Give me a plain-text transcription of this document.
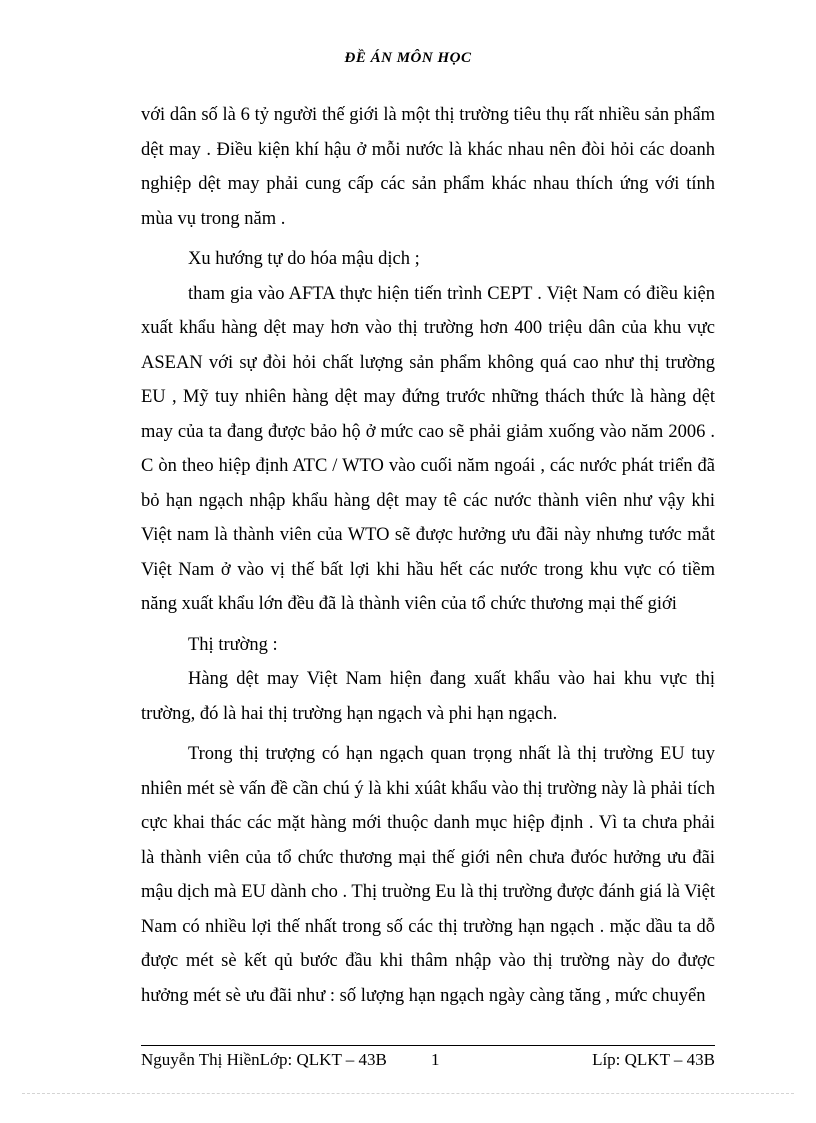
ĐỀ ÁN MÔN HỌC

với dân số là 6 tỷ người thế giới là một thị trường tiêu thụ rất nhiều sản phẩm dệt may . Điều kiện khí hậu ở mỗi nước là khác nhau nên đòi hỏi các doanh nghiệp dệt may phải cung cấp các sản phẩm khác nhau thích ứng với tính mùa vụ trong năm .

Xu hướng tự do hóa mậu dịch ;

tham gia vào AFTA thực hiện tiến trình CEPT . Việt Nam có điều kiện xuất khẩu hàng dệt may hơn vào thị trường hơn 400 triệu dân của khu vực ASEAN với sự đòi hỏi chất lượng sản phẩm không quá cao như thị trường EU , Mỹ tuy nhiên hàng dệt may đứng trước những thách thức là hàng dệt may của ta đang được bảo hộ ở mức cao sẽ phải giảm xuống vào năm 2006 . C òn theo hiệp định ATC / WTO vào cuối năm ngoái , các nước phát triển đã bỏ hạn ngạch nhập khẩu hàng dệt may tê các nước thành viên như vậy khi Việt nam là thành viên của WTO sẽ được hưởng ưu đãi này nhưng tước mắt Việt Nam ở vào vị thế bất lợi khi hầu hết các nước trong khu vực có tiềm năng xuất khẩu lớn đều đã là thành viên của tổ chức thương mại thế giới

Thị trường :

Hàng dệt may Việt Nam hiện đang xuất khẩu vào hai khu vực thị trường, đó là hai thị trường hạn ngạch và phi hạn ngạch.

Trong thị trượng có hạn ngạch quan trọng nhất là thị trường EU tuy nhiên mét sè vấn đề cần chú ý là khi xúât khẩu vào thị trường này là phải tích cực khai thác các mặt hàng mới thuộc danh mục hiệp định . Vì ta chưa phải là thành viên của tổ chức thương mại thế giới nên chưa đưóc hưởng ưu đãi mậu dịch mà EU dành cho . Thị truờng Eu là thị trường được đánh giá là Việt Nam có nhiều lợi thế nhất trong số các thị trường hạn ngạch . mặc dầu ta dỗ được mét sè kết qủ bước đầu khi thâm nhập vào thị trường này do được hưởng mét sè ưu đãi như : số lượng hạn ngạch ngày càng tăng , mức chuyển

Nguyễn Thị HiềnLớp: QLKT – 43B	1	Líp: QLKT – 43B
